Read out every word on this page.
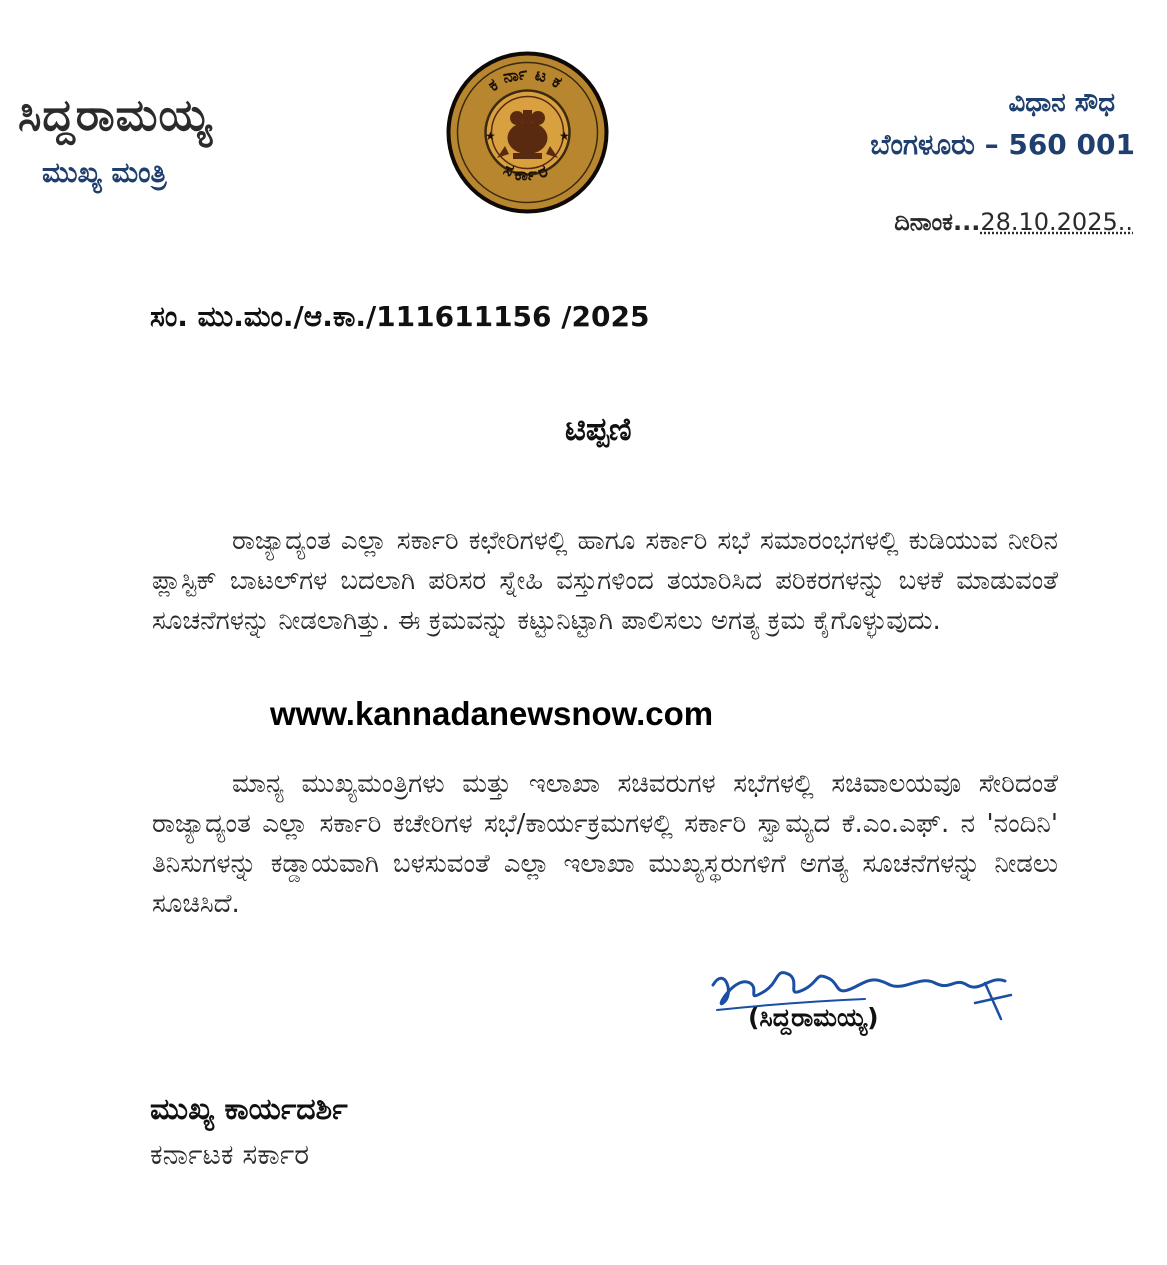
ಸಿದ್ದರಾಮಯ್ಯ
ಮುಖ್ಯ ಮಂತ್ರಿ
★	★
ಕರ್ನಾಟಕ
ಸರ್ಕಾರ
ವಿಧಾನ ಸೌಧ
ಬೆಂಗಳೂರು – 560 001
ದಿನಾಂಕ...28.10.2025..
ಸಂ. ಮು.ಮಂ./ಆ.ಕಾ./111611156 /2025
ಟಿಪ್ಪಣಿ

ರಾಜ್ಯಾದ್ಯಂತ ಎಲ್ಲಾ ಸರ್ಕಾರಿ ಕಛೇರಿಗಳಲ್ಲಿ ಹಾಗೂ ಸರ್ಕಾರಿ ಸಭೆ ಸಮಾರಂಭಗಳಲ್ಲಿ ಕುಡಿಯುವ ನೀರಿನ ಪ್ಲಾಸ್ಟಿಕ್ ಬಾಟಲ್‌ಗಳ ಬದಲಾಗಿ ಪರಿಸರ ಸ್ನೇಹಿ ವಸ್ತುಗಳಿಂದ ತಯಾರಿಸಿದ ಪರಿಕರಗಳನ್ನು ಬಳಕೆ ಮಾಡುವಂತೆ ಸೂಚನೆಗಳನ್ನು ನೀಡಲಾಗಿತ್ತು. ಈ ಕ್ರಮವನ್ನು ಕಟ್ಟುನಿಟ್ಟಾಗಿ ಪಾಲಿಸಲು ಅಗತ್ಯ ಕ್ರಮ ಕೈಗೊಳ್ಳುವುದು.

www.kannadanewsnow.com

ಮಾನ್ಯ ಮುಖ್ಯಮಂತ್ರಿಗಳು ಮತ್ತು ಇಲಾಖಾ ಸಚಿವರುಗಳ ಸಭೆಗಳಲ್ಲಿ ಸಚಿವಾಲಯವೂ ಸೇರಿದಂತೆ ರಾಜ್ಯಾದ್ಯಂತ ಎಲ್ಲಾ ಸರ್ಕಾರಿ ಕಚೇರಿಗಳ ಸಭೆ/ಕಾರ್ಯಕ್ರಮಗಳಲ್ಲಿ ಸರ್ಕಾರಿ ಸ್ವಾಮ್ಯದ ಕೆ.ಎಂ.ಎಫ್. ನ 'ನಂದಿನಿ' ತಿನಿಸುಗಳನ್ನು ಕಡ್ಡಾಯವಾಗಿ ಬಳಸುವಂತೆ ಎಲ್ಲಾ ಇಲಾಖಾ ಮುಖ್ಯಸ್ಥರುಗಳಿಗೆ ಅಗತ್ಯ ಸೂಚನೆಗಳನ್ನು ನೀಡಲು ಸೂಚಿಸಿದೆ.

(ಸಿದ್ದರಾಮಯ್ಯ)
ಮುಖ್ಯ ಕಾರ್ಯದರ್ಶಿ
ಕರ್ನಾಟಕ ಸರ್ಕಾರ
